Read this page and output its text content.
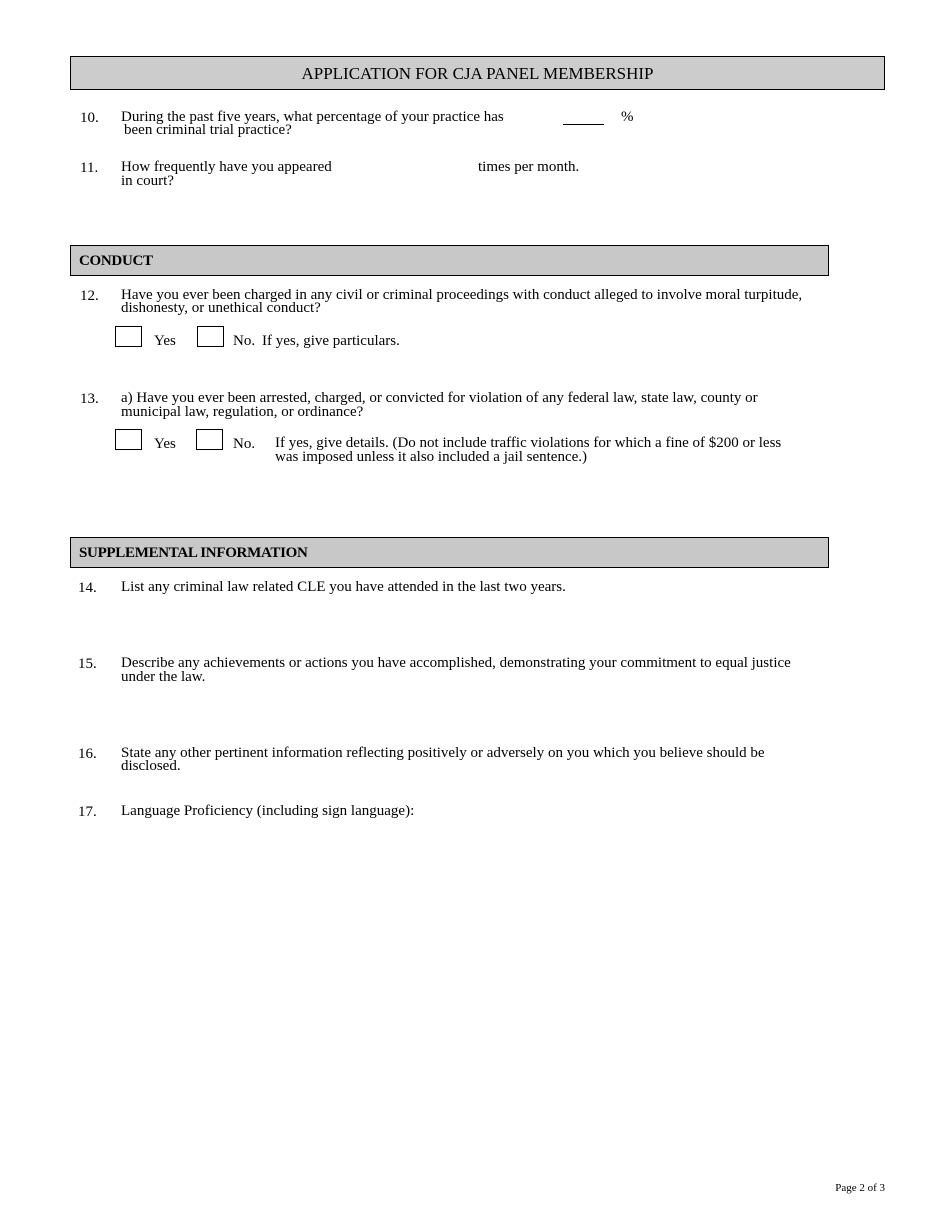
APPLICATION FOR CJA PANEL MEMBERSHIP
10. During the past five years, what percentage of your practice has
been criminal trial practice?
%
11. How frequently have you appeared
in court?
times per month.
CONDUCT
12. Have you ever been charged in any civil or criminal proceedings with conduct alleged to involve moral turpitude,
dishonesty, or unethical conduct?
Yes	No. If yes, give particulars.
13. a) Have you ever been arrested, charged, or convicted for violation of any federal law, state law, county or
municipal law, regulation, or ordinance?
Yes	No. If yes, give details. (Do not include traffic violations for which a fine of $200 or less
was imposed unless it also included a jail sentence.)
SUPPLEMENTAL INFORMATION
14. List any criminal law related CLE you have attended in the last two years.
15. Describe any achievements or actions you have accomplished, demonstrating your commitment to equal justice
under the law.
16. State any other pertinent information reflecting positively or adversely on you which you believe should be
disclosed.
17. Language Proficiency (including sign language):
Page 2 of 3
